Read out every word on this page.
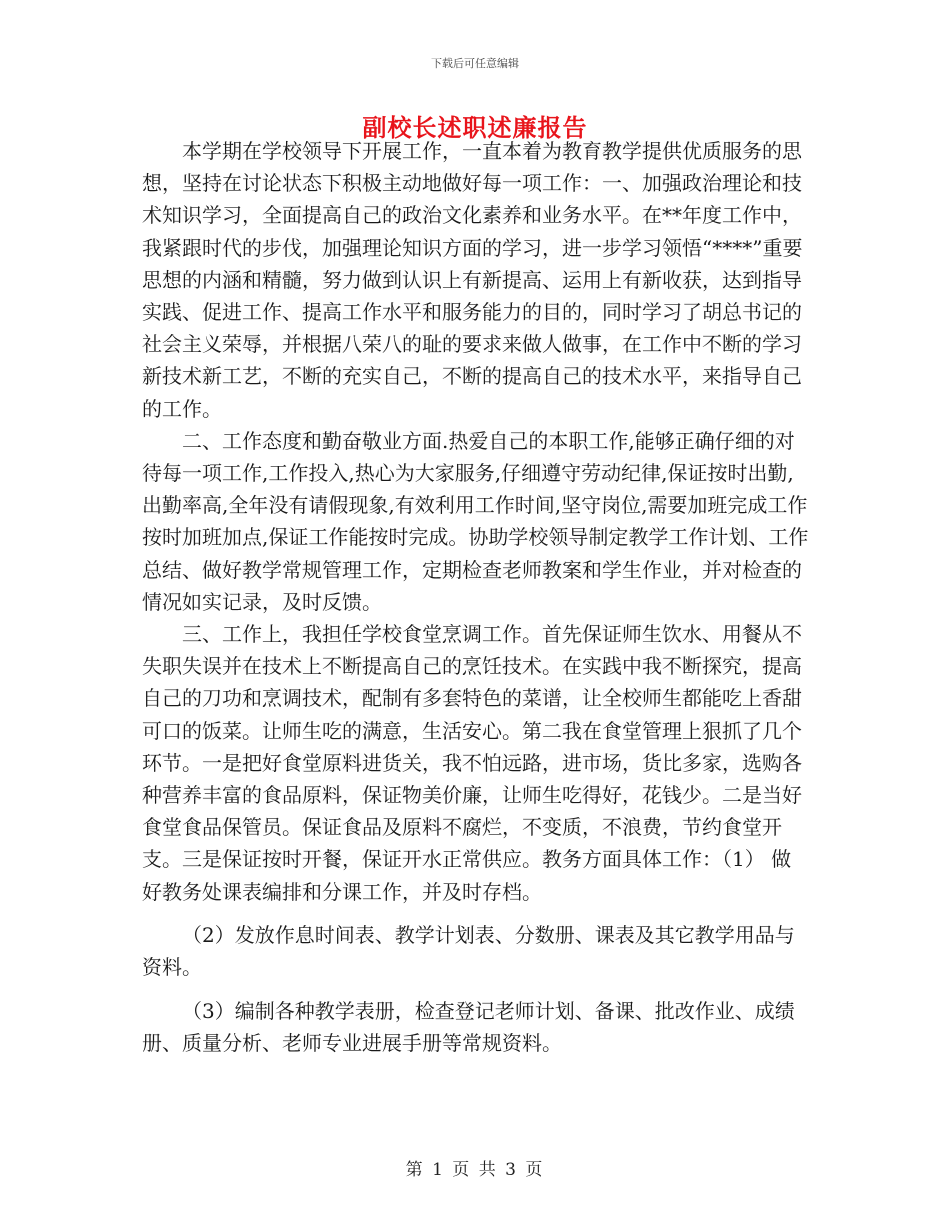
下载后可任意编辑
副校长述职述廉报告

本学期在学校领导下开展工作，一直本着为教育教学提供优质服务的思想，坚持在讨论状态下积极主动地做好每一项工作：一、加强政治理论和技术知识学习，全面提高自己的政治文化素养和业务水平。在**年度工作中，我紧跟时代的步伐，加强理论知识方面的学习，进一步学习领悟“****”重要思想的内涵和精髓，努力做到认识上有新提高、运用上有新收获，达到指导实践、促进工作、提高工作水平和服务能力的目的，同时学习了胡总书记的社会主义荣辱，并根据八荣八的耻的要求来做人做事，在工作中不断的学习新技术新工艺，不断的充实自己，不断的提高自己的技术水平，来指导自己的工作。

二、工作态度和勤奋敬业方面.热爱自己的本职工作,能够正确仔细的对待每一项工作,工作投入,热心为大家服务,仔细遵守劳动纪律,保证按时出勤,出勤率高,全年没有请假现象,有效利用工作时间,坚守岗位,需要加班完成工作按时加班加点,保证工作能按时完成。协助学校领导制定教学工作计划、工作总结、做好教学常规管理工作，定期检查老师教案和学生作业，并对检查的情况如实记录，及时反馈。

三、工作上，我担任学校食堂烹调工作。首先保证师生饮水、用餐从不失职失误并在技术上不断提高自己的烹饪技术。在实践中我不断探究，提高自己的刀功和烹调技术，配制有多套特色的菜谱，让全校师生都能吃上香甜可口的饭菜。让师生吃的满意，生活安心。第二我在食堂管理上狠抓了几个环节。一是把好食堂原料进货关，我不怕远路，进市场，货比多家，选购各种营养丰富的食品原料，保证物美价廉，让师生吃得好，花钱少。二是当好食堂食品保管员。保证食品及原料不腐烂，不变质，不浪费，节约食堂开支。三是保证按时开餐，保证开水正常供应。教务方面具体工作：（1） 做好教务处课表编排和分课工作，并及时存档。

（2）发放作息时间表、教学计划表、分数册、课表及其它教学用品与资料。

（3）编制各种教学表册，检查登记老师计划、备课、批改作业、成绩册、质量分析、老师专业进展手册等常规资料。

第 1 页 共 3 页
